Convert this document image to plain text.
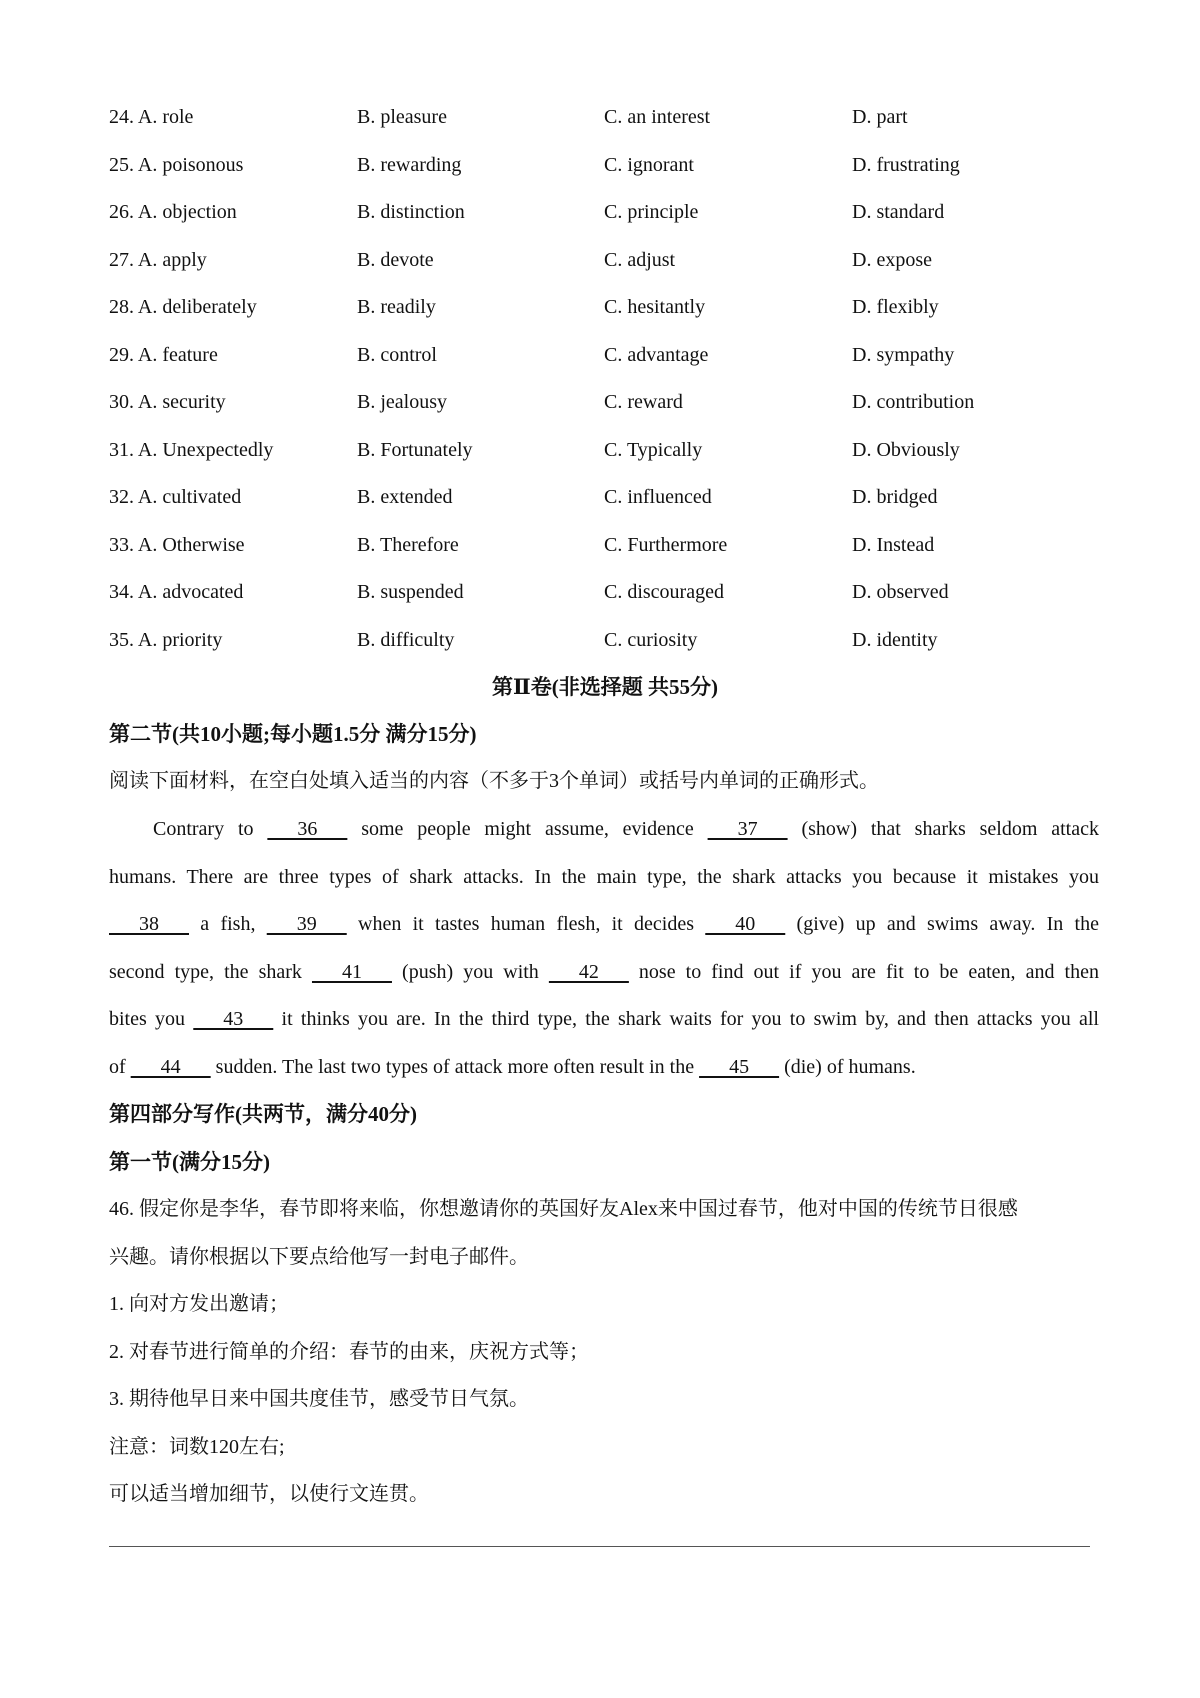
24. A. role	B. pleasure	C. an interest	D. part
25. A. poisonous	B. rewarding	C. ignorant	D. frustrating
26. A. objection	B. distinction	C. principle	D. standard
27. A. apply	B. devote	C. adjust	D. expose
28. A. deliberately	B. readily	C. hesitantly	D. flexibly
29. A. feature	B. control	C. advantage	D. sympathy
30. A. security	B. jealousy	C. reward	D. contribution
31. A. Unexpectedly	B. Fortunately	C. Typically	D. Obviously
32. A. cultivated	B. extended	C. influenced	D. bridged
33. A. Otherwise	B. Therefore	C. Furthermore	D. Instead
34. A. advocated	B. suspended	C. discouraged	D. observed
35. A. priority	B. difficulty	C. curiosity	D. identity
第Ⅱ卷(非选择题 共55分)
第二节(共10小题;每小题1.5分 满分15分)
阅读下面材料，在空白处填入适当的内容（不多于3个单词）或括号内单词的正确形式。
Contrary to   36   some people might assume, evidence   37   (show) that sharks seldom attack
humans. There are three types of shark attacks. In the main type, the shark attacks you because it mistakes you
  38   a fish,   39   when it tastes human flesh, it decides   40   (give) up and swims away. In the
second type, the shark   41   (push) you with   42   nose to find out if you are fit to be eaten, and then
bites you   43   it thinks you are. In the third type, the shark waits for you to swim by, and then attacks you all
of   44   sudden. The last two types of attack more often result in the   45   (die) of humans.
第四部分写作(共两节，满分40分)
第一节(满分15分)
46. 假定你是李华，春节即将来临，你想邀请你的英国好友Alex来中国过春节，他对中国的传统节日很感
兴趣。请你根据以下要点给他写一封电子邮件。
1. 向对方发出邀请；
2. 对春节进行简单的介绍：春节的由来，庆祝方式等；
3. 期待他早日来中国共度佳节，感受节日气氛。
注意：词数120左右;
可以适当增加细节，以使行文连贯。
